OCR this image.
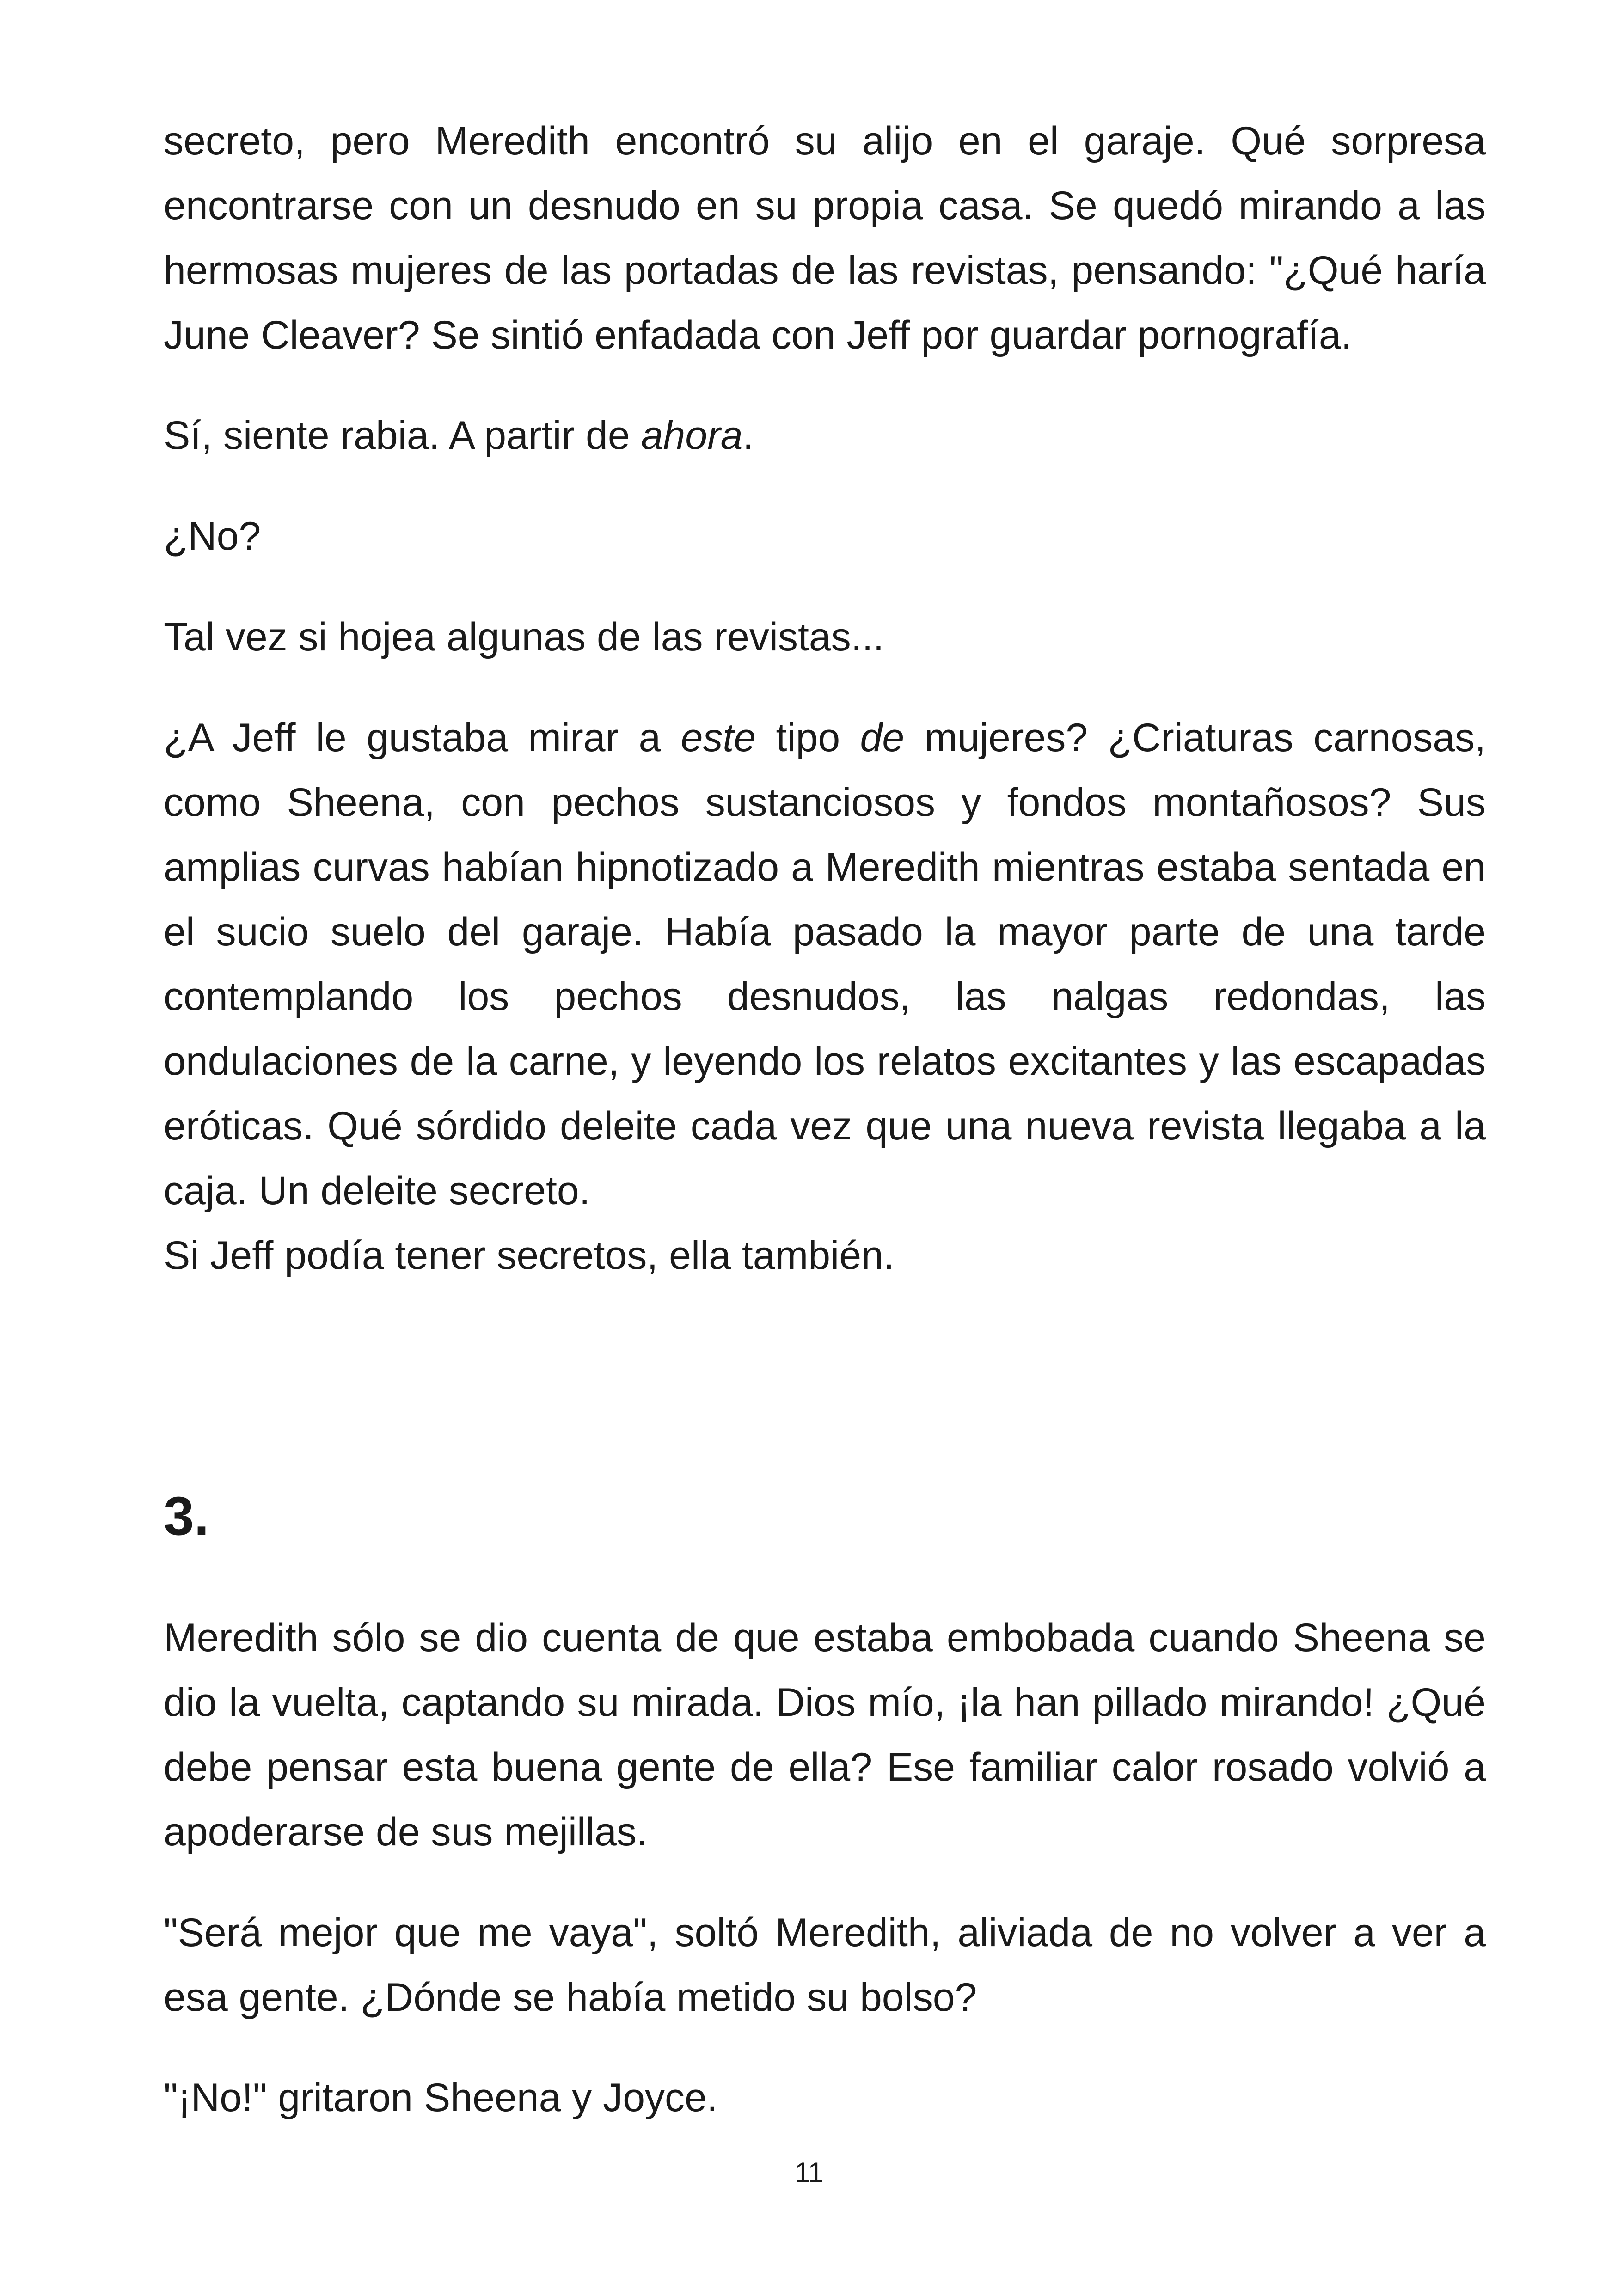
secreto, pero Meredith encontró su alijo en el garaje. Qué sorpresa encontrarse con un desnudo en su propia casa. Se quedó mirando a las hermosas mujeres de las portadas de las revistas, pensando: "¿Qué haría June Cleaver? Se sintió enfadada con Jeff por guardar pornografía.

Sí, siente rabia. A partir de ahora.

¿No?

Tal vez si hojea algunas de las revistas...

¿A Jeff le gustaba mirar a este tipo de mujeres? ¿Criaturas carnosas, como Sheena, con pechos sustanciosos y fondos montañosos? Sus amplias curvas habían hipnotizado a Meredith mientras estaba sentada en el sucio suelo del garaje. Había pasado la mayor parte de una tarde contemplando los pechos desnudos, las nalgas redondas, las ondulaciones de la carne, y leyendo los relatos excitantes y las escapadas eróticas. Qué sórdido deleite cada vez que una nueva revista llegaba a la caja. Un deleite secreto.

Si Jeff podía tener secretos, ella también.

3.

Meredith sólo se dio cuenta de que estaba embobada cuando Sheena se dio la vuelta, captando su mirada. Dios mío, ¡la han pillado mirando! ¿Qué debe pensar esta buena gente de ella? Ese familiar calor rosado volvió a apoderarse de sus mejillas.

"Será mejor que me vaya", soltó Meredith, aliviada de no volver a ver a esa gente. ¿Dónde se había metido su bolso?

"¡No!" gritaron Sheena y Joyce.

11
